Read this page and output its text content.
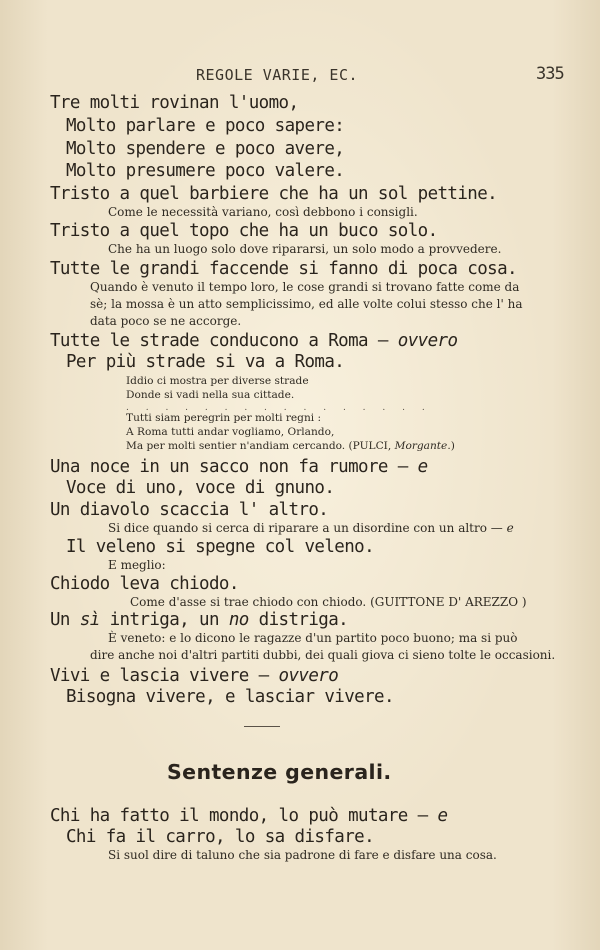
REGOLE VARIE, EC.	335
Tre molti rovinan l'uomo,
Molto parlare e poco sapere:
Molto spendere e poco avere,
Molto presumere poco valere.
Tristo a quel barbiere che ha un sol pettine.
Come le necessità variano, così debbono i consigli.
Tristo a quel topo che ha un buco solo.
Che ha un luogo solo dove ripararsi, un solo modo a provvedere.
Tutte le grandi faccende si fanno di poca cosa.
Quando è venuto il tempo loro, le cose grandi si trovano fatte come da
sè; la mossa è un atto semplicissimo, ed alle volte colui stesso che l' ha
data poco se ne accorge.
Tutte le strade conducono a Roma — ovvero
Per più strade si va a Roma.
Iddio ci mostra per diverse strade
Donde si vadi nella sua cittade.
. . . . . . . . . . . . . . . .
Tutti siam peregrin per molti regni :
A Roma tutti andar vogliamo, Orlando,
Ma per molti sentier n'andiam cercando. (PULCI, Morgante.)
Una noce in un sacco non fa rumore — e
Voce di uno, voce di gnuno.
Un diavolo scaccia l' altro.
Si dice quando si cerca di riparare a un disordine con un altro — e
Il veleno si spegne col veleno.
E meglio:
Chiodo leva chiodo.
Come d'asse si trae chiodo con chiodo. (GUITTONE D' AREZZO )
Un sì intriga, un no distriga.
È veneto: e lo dicono le ragazze d'un partito poco buono; ma si può
dire anche noi d'altri partiti dubbi, dei quali giova ci sieno tolte le occasioni.
Vivi e lascia vivere — ovvero
Bisogna vivere, e lasciar vivere.
Sentenze generali.
Chi ha fatto il mondo, lo può mutare — e
Chi fa il carro, lo sa disfare.
Si suol dire di taluno che sia padrone di fare e disfare una cosa.
